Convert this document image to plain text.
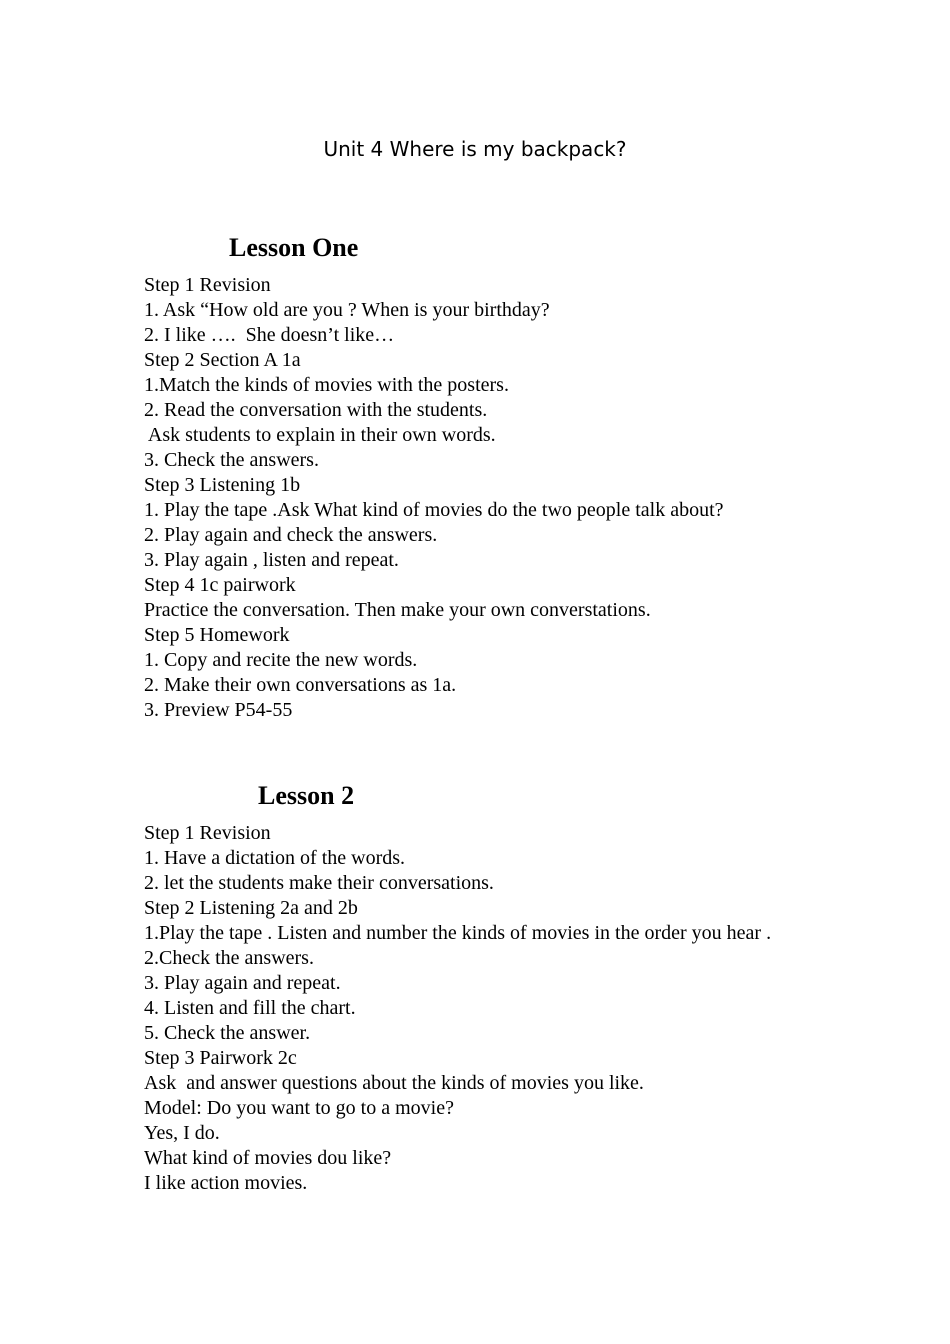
Unit 4 Where is my backpack?
Lesson One
Step 1 Revision
1. Ask “How old are you ? When is your birthday?
2. I like ….  She doesn’t like…
Step 2 Section A 1a
1.Match the kinds of movies with the posters.
2. Read the conversation with the students.
Ask students to explain in their own words.
3. Check the answers.
Step 3 Listening 1b
1. Play the tape .Ask What kind of movies do the two people talk about?
2. Play again and check the answers.
3. Play again , listen and repeat.
Step 4 1c pairwork
Practice the conversation. Then make your own converstations.
Step 5 Homework
1. Copy and recite the new words.
2. Make their own conversations as 1a.
3. Preview P54-55
Lesson 2
Step 1 Revision
1. Have a dictation of the words.
2. let the students make their conversations.
Step 2 Listening 2a and 2b
1.Play the tape . Listen and number the kinds of movies in the order you hear .
2.Check the answers.
3. Play again and repeat.
4. Listen and fill the chart.
5. Check the answer.
Step 3 Pairwork 2c
Ask  and answer questions about the kinds of movies you like.
Model: Do you want to go to a movie?
Yes, I do.
What kind of movies dou like?
I like action movies.
